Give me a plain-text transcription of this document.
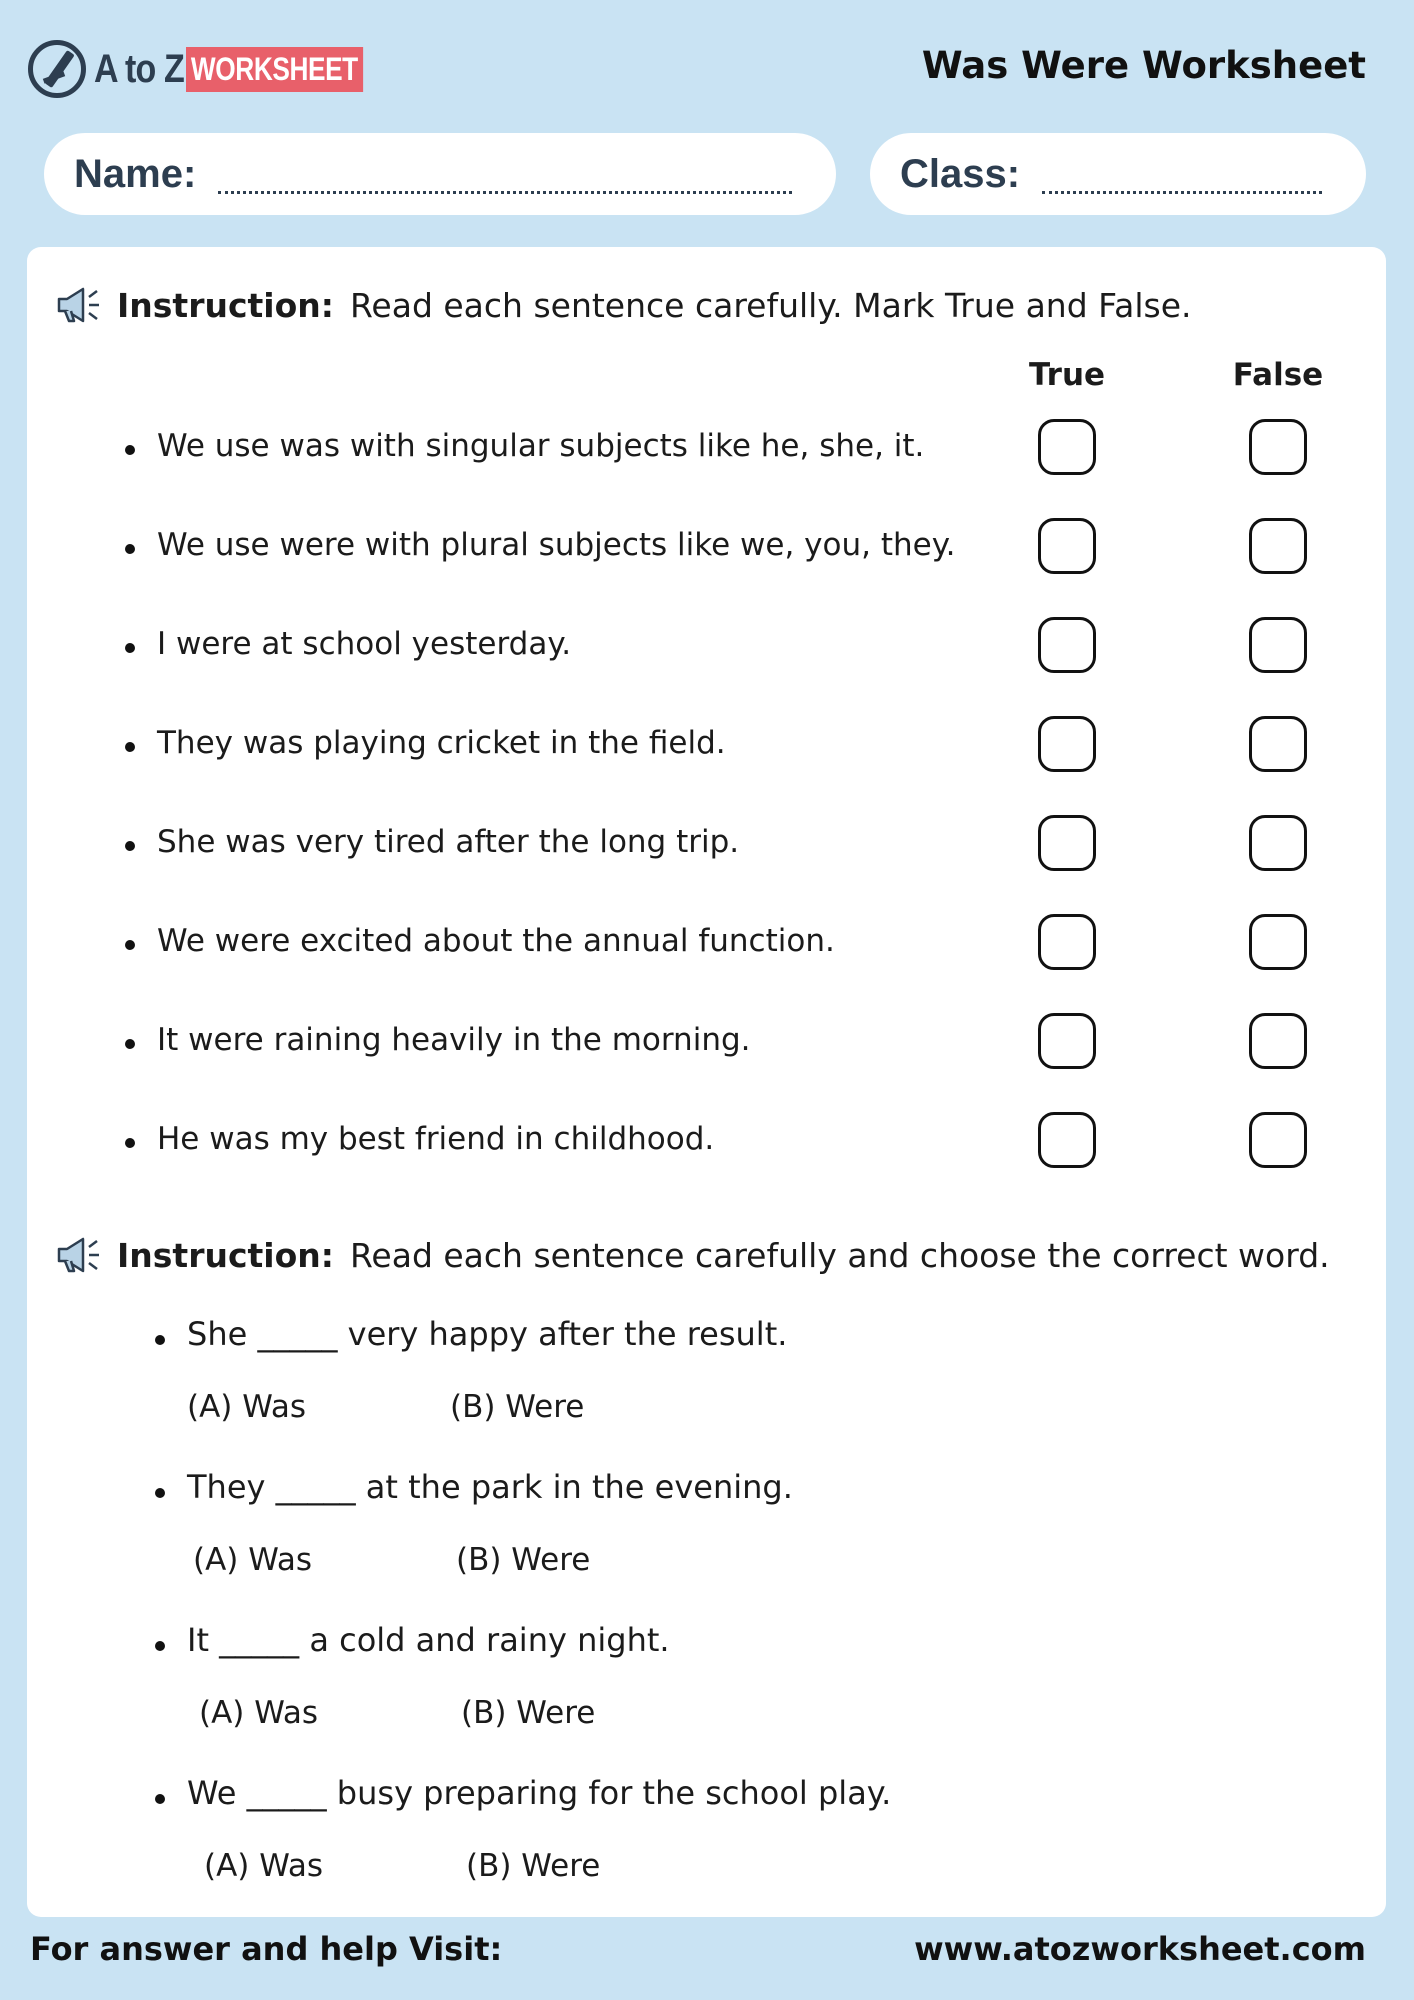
A to Z WORKSHEET	Was Were Worksheet
Name:	Class:
Instruction: Read each sentence carefully. Mark True and False.
True	False
We use was with singular subjects like he, she, it.
We use were with plural subjects like we, you, they.
I were at school yesterday.
They was playing cricket in the field.
She was very tired after the long trip.
We were excited about the annual function.
It were raining heavily in the morning.
He was my best friend in childhood.
Instruction: Read each sentence carefully and choose the correct word.
She _____ very happy after the result.
(A) Was	(B) Were
They _____ at the park in the evening.
(A) Was	(B) Were
It _____ a cold and rainy night.
(A) Was	(B) Were
We _____ busy preparing for the school play.
(A) Was	(B) Were
For answer and help Visit:	www.atozworksheet.com
